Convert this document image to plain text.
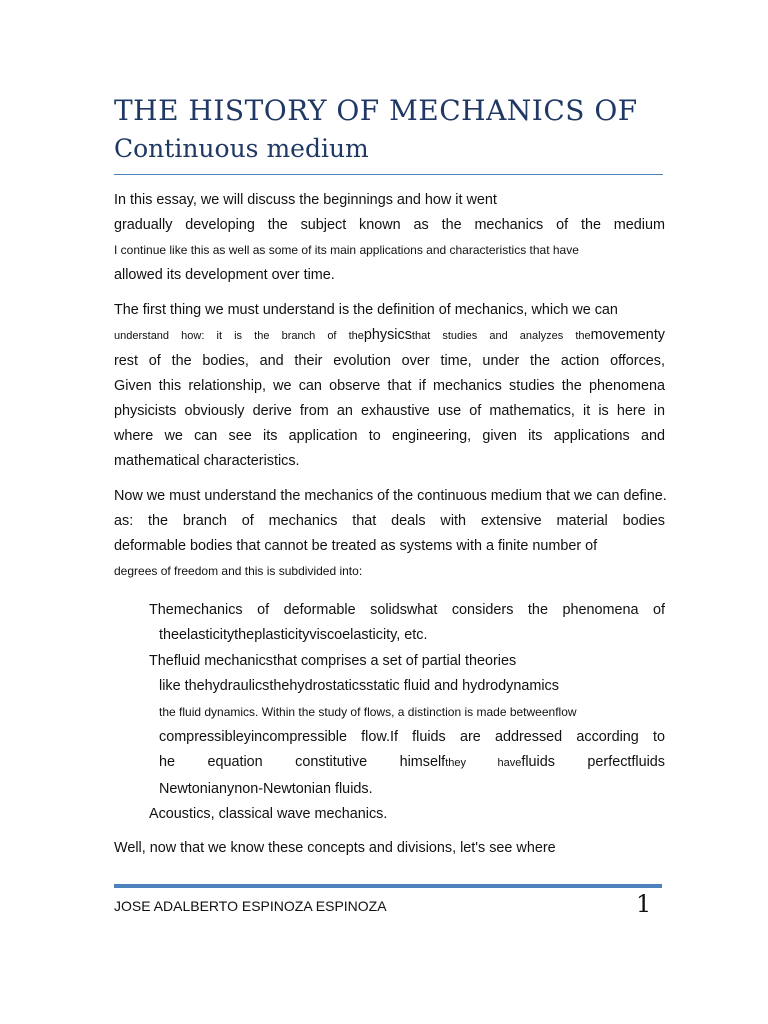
THE HISTORY OF MECHANICS OF
Continuous medium

In this essay, we will discuss the beginnings and how it went
gradually developing the subject known as the mechanics of the medium
I continue like this as well as some of its main applications and characteristics that have
allowed its development over time.

The first thing we must understand is the definition of mechanics, which we can
understand how: it is the branch of thephysicsthat studies and analyzes themovementy
rest of the bodies, and their evolution over time, under the action offorces,
Given this relationship, we can observe that if mechanics studies the phenomena
physicists obviously derive from an exhaustive use of mathematics, it is here in
where we can see its application to engineering, given its applications and
mathematical characteristics.

Now we must understand the mechanics of the continuous medium that we can define.
as: the branch of mechanics that deals with extensive material bodies
deformable bodies that cannot be treated as systems with a finite number of
degrees of freedom and this is subdivided into:

Themechanics of deformable solidswhat considers the phenomena of
theelasticitytheplasticityviscoelasticity, etc.
Thefluid mechanicsthat comprises a set of partial theories
like thehydraulicsthehydrostaticsstatic fluid and hydrodynamics
the fluid dynamics. Within the study of flows, a distinction is made betweenflow
compressibleyincompressible flow.If fluids are addressed according to
he equation constitutive himselfthey havefluids perfectfluids
Newtonianynon-Newtonian fluids.
Acoustics, classical wave mechanics.

Well, now that we know these concepts and divisions, let's see where

JOSE ADALBERTO ESPINOZA ESPINOZA	1
